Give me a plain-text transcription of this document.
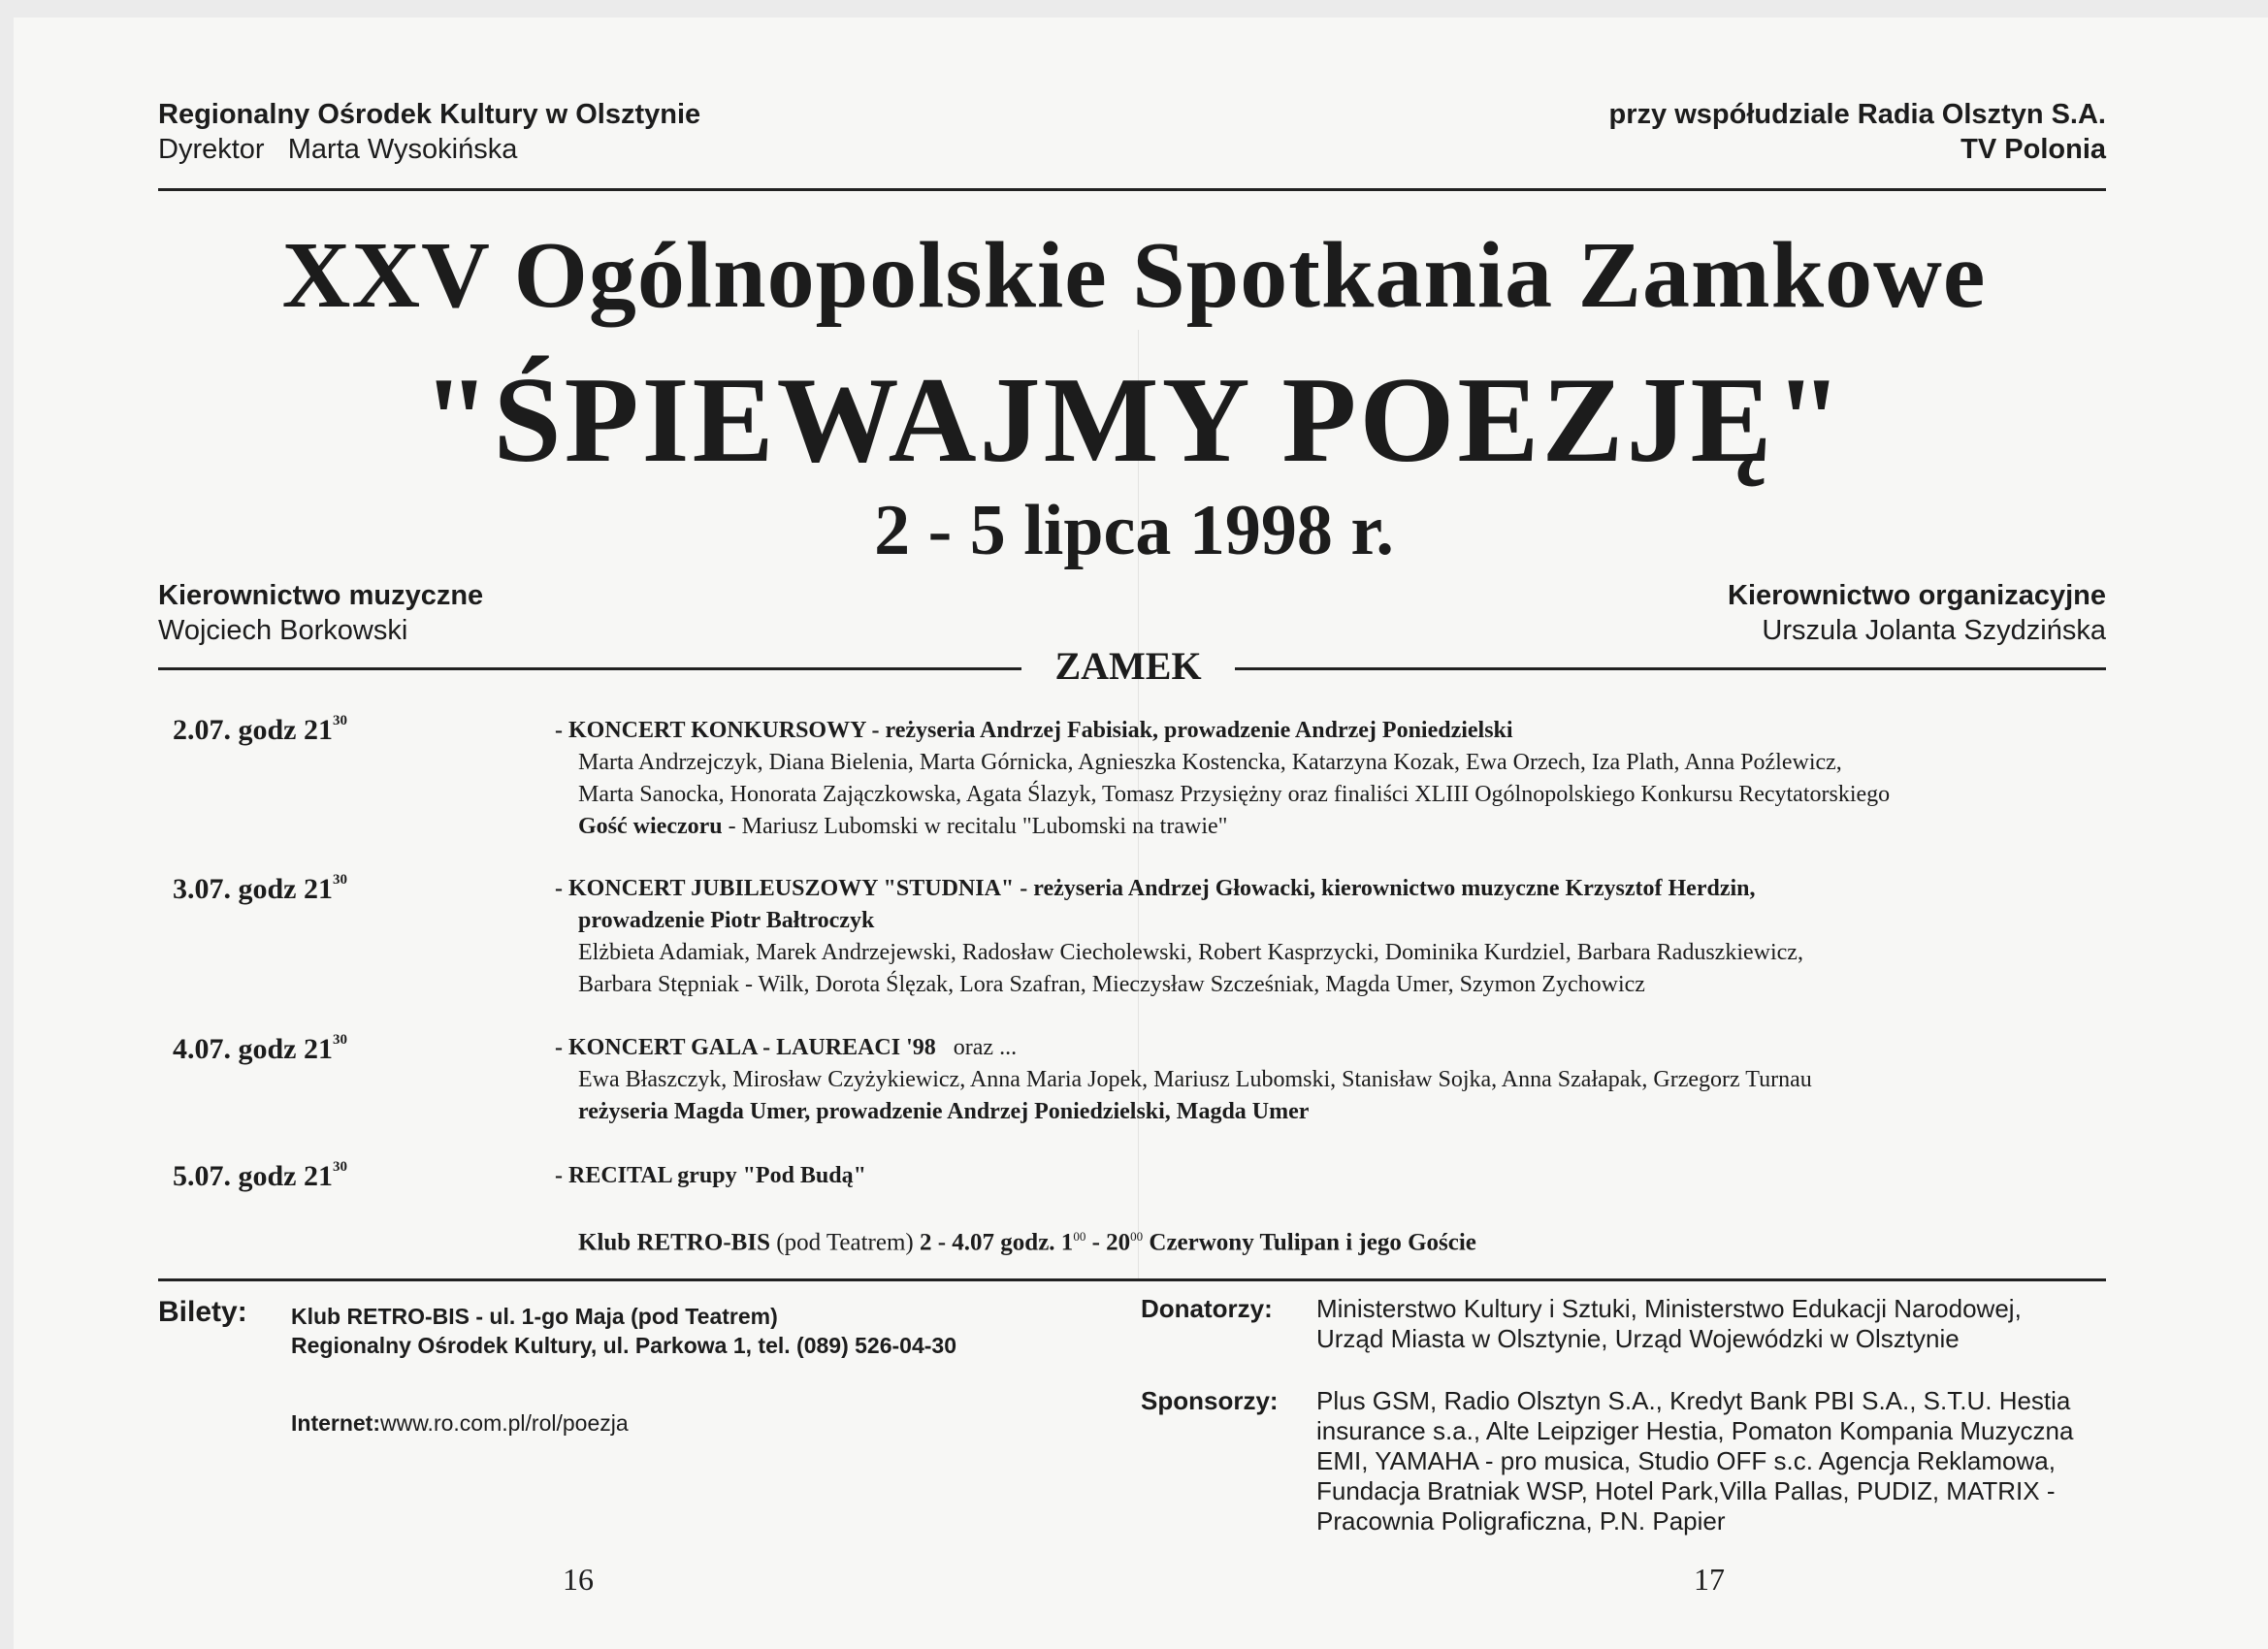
Regionalny Ośrodek Kultury w Olsztynie
Dyrektor Marta Wysokińska
przy współudziale Radia Olsztyn S.A.
TV Polonia
XXV Ogólnopolskie Spotkania Zamkowe
"ŚPIEWAJMY POEZJĘ"
2 - 5 lipca 1998 r.
Kierownictwo muzyczne
Wojciech Borkowski
Kierownictwo organizacyjne
Urszula Jolanta Szydzińska
ZAMEK
2.07. godz $21^{30}$	- KONCERT KONKURSOWY - reżyseria Andrzej Fabisiak, prowadzenie Andrzej Poniedzielski
Marta Andrzejczyk, Diana Bielenia, Marta Górnicka, Agnieszka Kostencka, Katarzyna Kozak, Ewa Orzech, Iza Plath, Anna Poźlewicz,
Marta Sanocka, Honorata Zajączkowska, Agata Ślazyk, Tomasz Przysiężny oraz finaliści XLIII Ogólnopolskiego Konkursu Recytatorskiego
Gość wieczoru - Mariusz Lubomski w recitalu "Lubomski na trawie"
3.07. godz $21^{30}$	- KONCERT JUBILEUSZOWY "STUDNIA" - reżyseria Andrzej Głowacki, kierownictwo muzyczne Krzysztof Herdzin,
prowadzenie Piotr Bałtroczyk
Elżbieta Adamiak, Marek Andrzejewski, Radosław Ciecholewski, Robert Kasprzycki, Dominika Kurdziel, Barbara Raduszkiewicz,
Barbara Stępniak - Wilk, Dorota Ślęzak, Lora Szafran, Mieczysław Szcześniak, Magda Umer, Szymon Zychowicz
4.07. godz $21^{30}$	- KONCERT GALA - LAUREACI '98 oraz ...
Ewa Błaszczyk, Mirosław Czyżykiewicz, Anna Maria Jopek, Mariusz Lubomski, Stanisław Sojka, Anna Szałapak, Grzegorz Turnau
reżyseria Magda Umer, prowadzenie Andrzej Poniedzielski, Magda Umer
5.07. godz $21^{30}$	- RECITAL grupy "Pod Budą"
Klub RETRO-BIS (pod Teatrem) 2 - 4.07 godz. $1^{00} - 20^{00}$ Czerwony Tulipan i jego Goście
Bilety: Klub RETRO-BIS - ul. 1-go Maja (pod Teatrem)
Regionalny Ośrodek Kultury, ul. Parkowa 1, tel. (089) 526-04-30
Internet:www.ro.com.pl/rol/poezja
Donatorzy: Ministerstwo Kultury i Sztuki, Ministerstwo Edukacji Narodowej,
Urząd Miasta w Olsztynie, Urząd Wojewódzki w Olsztynie
Sponsorzy: Plus GSM, Radio Olsztyn S.A., Kredyt Bank PBI S.A., S.T.U. Hestia
insurance s.a., Alte Leipziger Hestia, Pomaton Kompania Muzyczna
EMI, YAMAHA - pro musica, Studio OFF s.c. Agencja Reklamowa,
Fundacja Bratniak WSP, Hotel Park,Villa Pallas, PUDIZ, MATRIX -
Pracownia Poligraficzna, P.N. Papier
16	17
